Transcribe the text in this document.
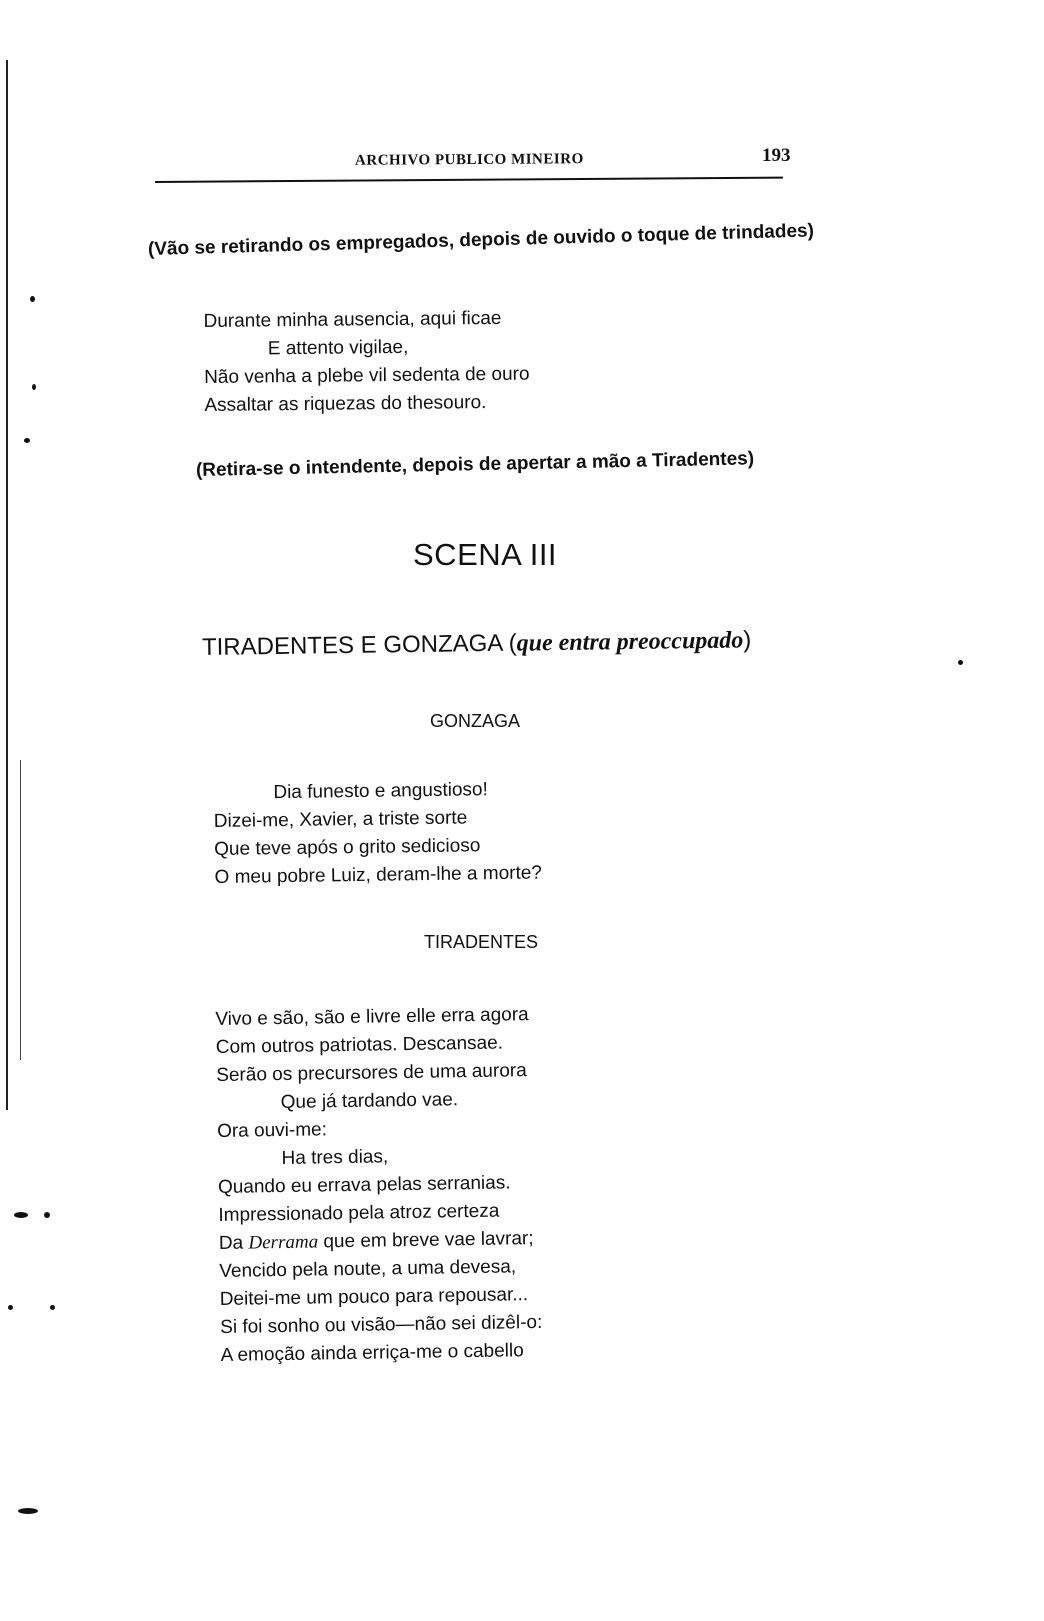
ARCHIVO PUBLICO MINEIRO	193
(Vão se retirando os empregados, depois de ouvido o toque de trindades)
Durante minha ausencia, aqui ficae
E attento vigilae,
Não venha a plebe vil sedenta de ouro
Assaltar as riquezas do thesouro.
(Retira-se o intendente, depois de apertar a mão a Tiradentes)
SCENA III
TIRADENTES E GONZAGA (que entra preoccupado)
GONZAGA
Dia funesto e angustioso!
Dizei-me, Xavier, a triste sorte
Que teve após o grito sedicioso
O meu pobre Luiz, deram-lhe a morte?
TIRADENTES
Vivo e são, são e livre elle erra agora
Com outros patriotas. Descansae.
Serão os precursores de uma aurora
Que já tardando vae.
Ora ouvi-me:
Ha tres dias,
Quando eu errava pelas serranias.
Impressionado pela atroz certeza
Da Derrama que em breve vae lavrar;
Vencido pela noute, a uma devesa,
Deitei-me um pouco para repousar...
Si foi sonho ou visão—não sei dizêl-o:
A emoção ainda erriça-me o cabello
